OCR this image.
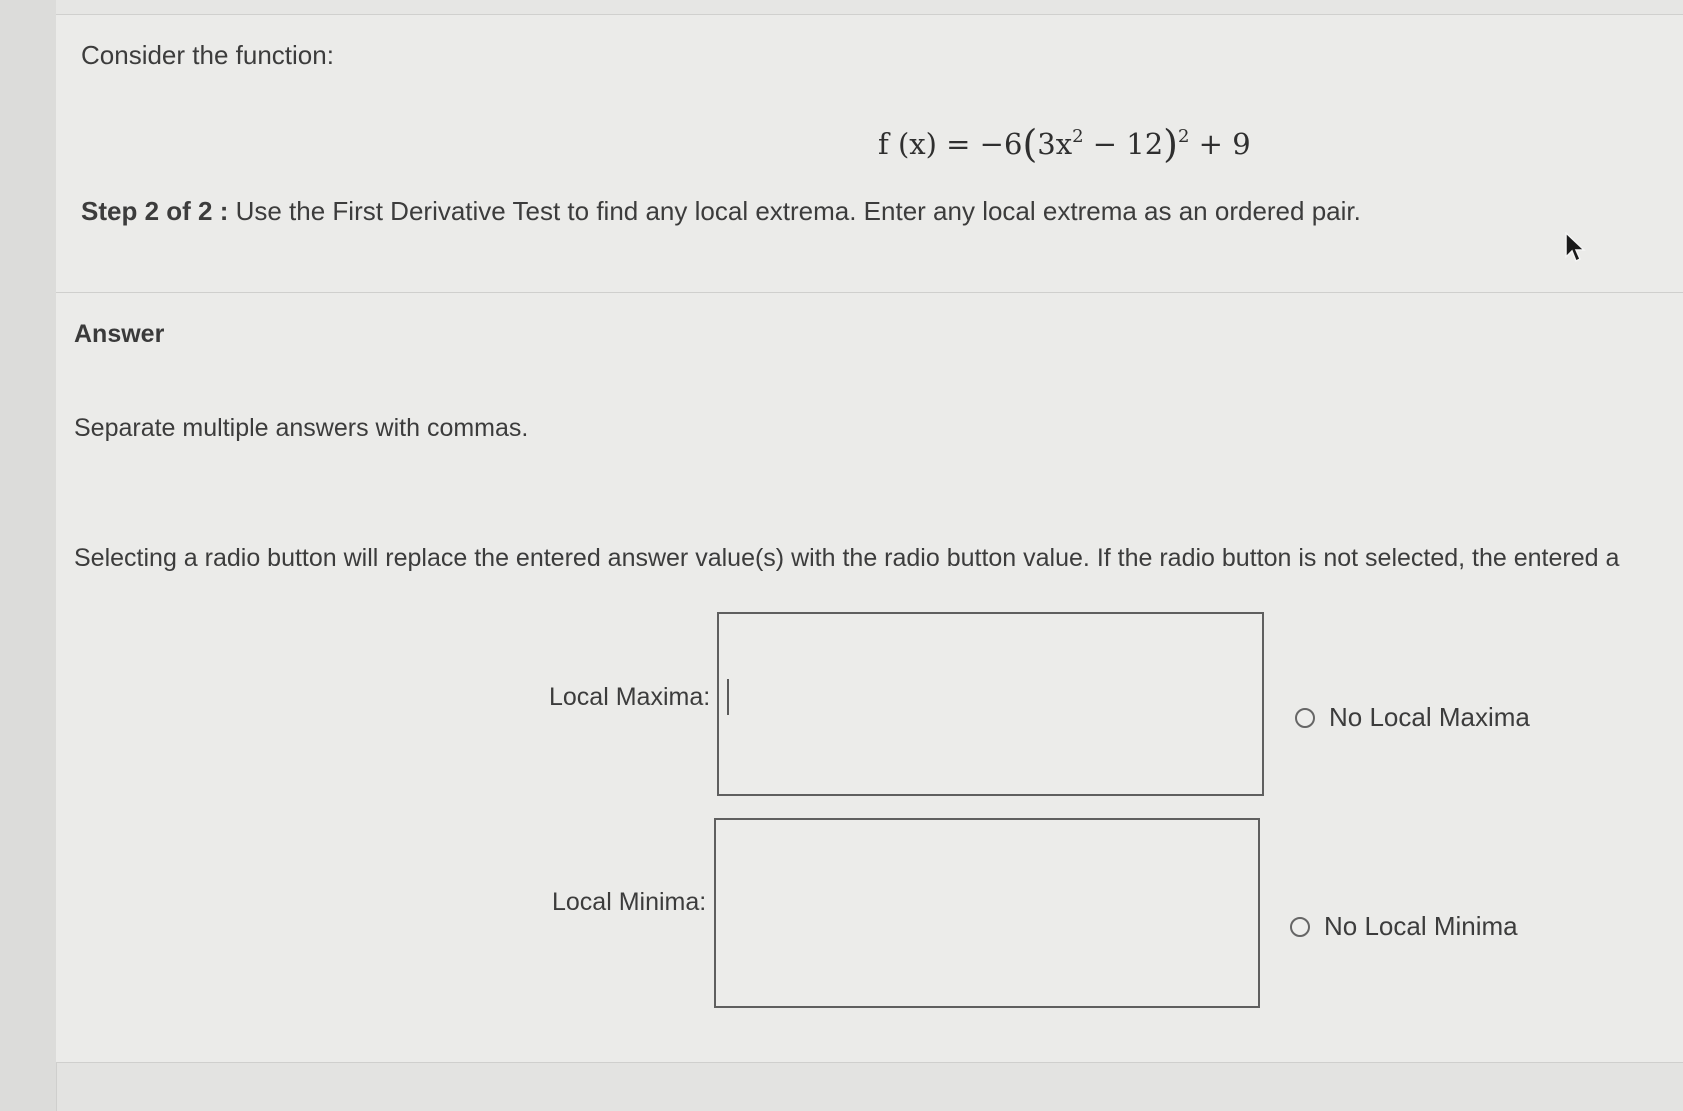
Consider the function:
f $(x) = -6(3x^2 - 12)^2 + 9$
Step 2 of 2 : Use the First Derivative Test to find any local extrema. Enter any local extrema as an ordered pair.
Answer
Separate multiple answers with commas.
Selecting a radio button will replace the entered answer value(s) with the radio button value. If the radio button is not selected, the entered a
Local Maxima:
No Local Maxima
Local Minima:
No Local Minima
